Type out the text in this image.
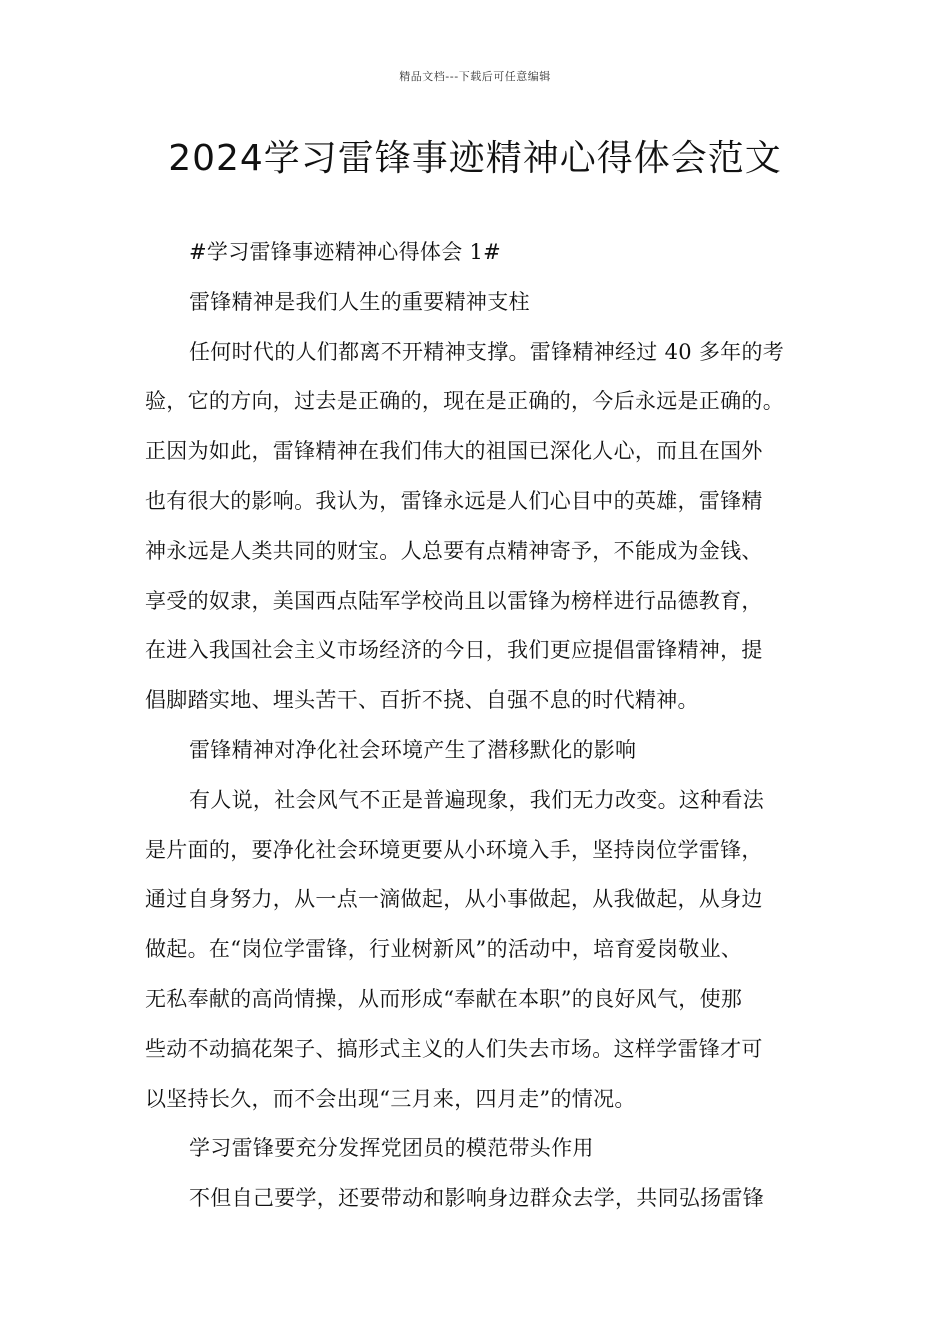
精品文档---下载后可任意编辑
2024学习雷锋事迹精神心得体会范文
#学习雷锋事迹精神心得体会 1#
雷锋精神是我们人生的重要精神支柱
任何时代的人们都离不开精神支撑。雷锋精神经过 40 多年的考
验，它的方向，过去是正确的，现在是正确的，今后永远是正确的。
正因为如此，雷锋精神在我们伟大的祖国已深化人心，而且在国外
也有很大的影响。我认为，雷锋永远是人们心目中的英雄，雷锋精
神永远是人类共同的财宝。人总要有点精神寄予，不能成为金钱、
享受的奴隶，美国西点陆军学校尚且以雷锋为榜样进行品德教育，
在进入我国社会主义市场经济的今日，我们更应提倡雷锋精神，提
倡脚踏实地、埋头苦干、百折不挠、自强不息的时代精神。
雷锋精神对净化社会环境产生了潜移默化的影响
有人说，社会风气不正是普遍现象，我们无力改变。这种看法
是片面的，要净化社会环境更要从小环境入手，坚持岗位学雷锋，
通过自身努力，从一点一滴做起，从小事做起，从我做起，从身边
做起。在“岗位学雷锋，行业树新风”的活动中，培育爱岗敬业、
无私奉献的高尚情操，从而形成“奉献在本职”的良好风气，使那
些动不动搞花架子、搞形式主义的人们失去市场。这样学雷锋才可
以坚持长久，而不会出现“三月来，四月走”的情况。
学习雷锋要充分发挥党团员的模范带头作用
不但自己要学，还要带动和影响身边群众去学，共同弘扬雷锋
